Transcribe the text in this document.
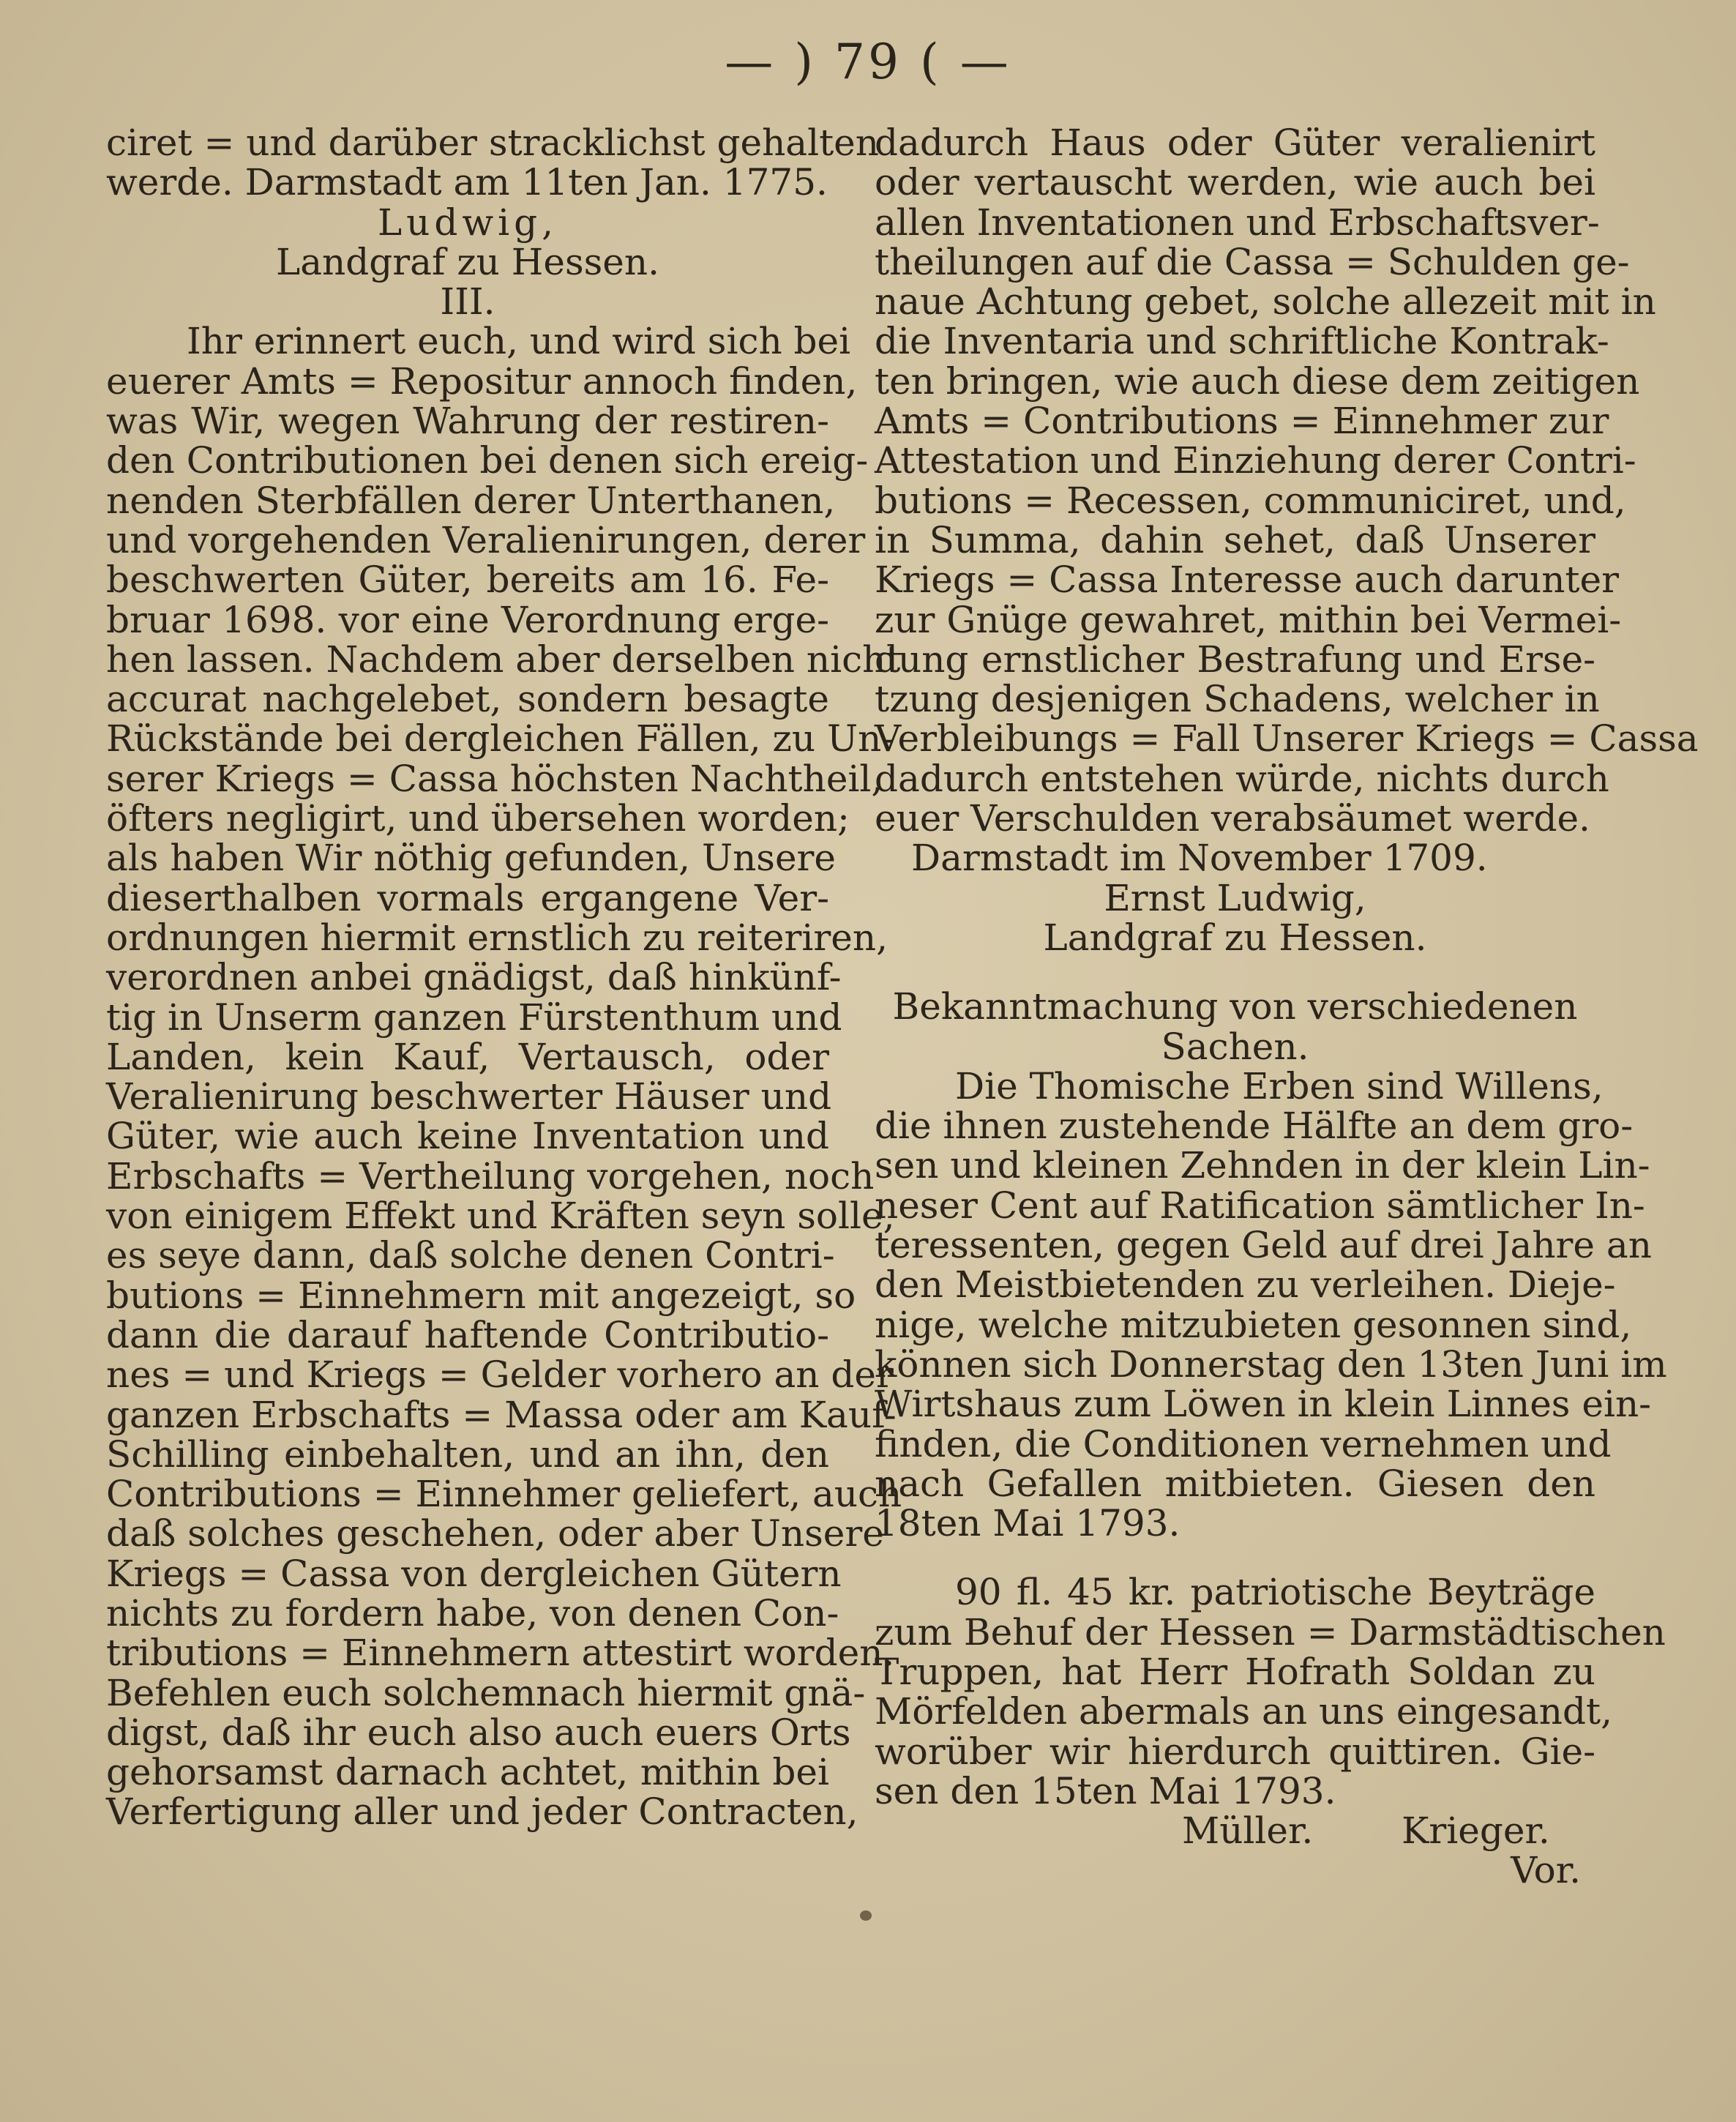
— ) 79 ( —
ciret = und darüber stracklichst gehalten
werde. Darmstadt am 11ten Jan. 1775.
Ludwig,
Landgraf zu Hessen.
III.
Ihr erinnert euch, und wird sich bei
euerer Amts = Repositur annoch finden,
was Wir, wegen Wahrung der restiren-
den Contributionen bei denen sich ereig-
nenden Sterbfällen derer Unterthanen,
und vorgehenden Veralienirungen, derer
beschwerten Güter, bereits am 16. Fe-
bruar 1698. vor eine Verordnung erge-
hen lassen. Nachdem aber derselben nicht
accurat nachgelebet, sondern besagte
Rückstände bei dergleichen Fällen, zu Un-
serer Kriegs = Cassa höchsten Nachtheil,
öfters negligirt, und übersehen worden;
als haben Wir nöthig gefunden, Unsere
dieserthalben vormals ergangene Ver-
ordnungen hiermit ernstlich zu reiteriren,
verordnen anbei gnädigst, daß hinkünf-
tig in Unserm ganzen Fürstenthum und
Landen, kein Kauf, Vertausch, oder
Veralienirung beschwerter Häuser und
Güter, wie auch keine Inventation und
Erbschafts = Vertheilung vorgehen, noch
von einigem Effekt und Kräften seyn solle,
es seye dann, daß solche denen Contri-
butions = Einnehmern mit angezeigt, so
dann die darauf haftende Contributio-
nes = und Kriegs = Gelder vorhero an der
ganzen Erbschafts = Massa oder am Kauf-
Schilling einbehalten, und an ihn, den
Contributions = Einnehmer geliefert, auch
daß solches geschehen, oder aber Unsere
Kriegs = Cassa von dergleichen Gütern
nichts zu fordern habe, von denen Con-
tributions = Einnehmern attestirt worden.
Befehlen euch solchemnach hiermit gnä-
digst, daß ihr euch also auch euers Orts
gehorsamst darnach achtet, mithin bei
Verfertigung aller und jeder Contracten,
dadurch Haus oder Güter veralienirt
oder vertauscht werden, wie auch bei
allen Inventationen und Erbschaftsver-
theilungen auf die Cassa = Schulden ge-
naue Achtung gebet, solche allezeit mit in
die Inventaria und schriftliche Kontrak-
ten bringen, wie auch diese dem zeitigen
Amts = Contributions = Einnehmer zur
Attestation und Einziehung derer Contri-
butions = Recessen, communiciret, und,
in Summa, dahin sehet, daß Unserer
Kriegs = Cassa Interesse auch darunter
zur Gnüge gewahret, mithin bei Vermei-
dung ernstlicher Bestrafung und Erse-
tzung desjenigen Schadens, welcher in
Verbleibungs = Fall Unserer Kriegs = Cassa
dadurch entstehen würde, nichts durch
euer Verschulden verabsäumet werde.
Darmstadt im November 1709.
Ernst Ludwig,
Landgraf zu Hessen.
Bekanntmachung von verschiedenen
Sachen.
Die Thomische Erben sind Willens,
die ihnen zustehende Hälfte an dem gro-
sen und kleinen Zehnden in der klein Lin-
neser Cent auf Ratification sämtlicher In-
teressenten, gegen Geld auf drei Jahre an
den Meistbietenden zu verleihen. Dieje-
nige, welche mitzubieten gesonnen sind,
können sich Donnerstag den 13ten Juni im
Wirtshaus zum Löwen in klein Linnes ein-
finden, die Conditionen vernehmen und
nach Gefallen mitbieten. Giesen den
18ten Mai 1793.
90 fl. 45 kr. patriotische Beyträge
zum Behuf der Hessen = Darmstädtischen
Truppen, hat Herr Hofrath Soldan zu
Mörfelden abermals an uns eingesandt,
worüber wir hierdurch quittiren. Gie-
sen den 15ten Mai 1793.
Müller. Krieger.
Vor.
